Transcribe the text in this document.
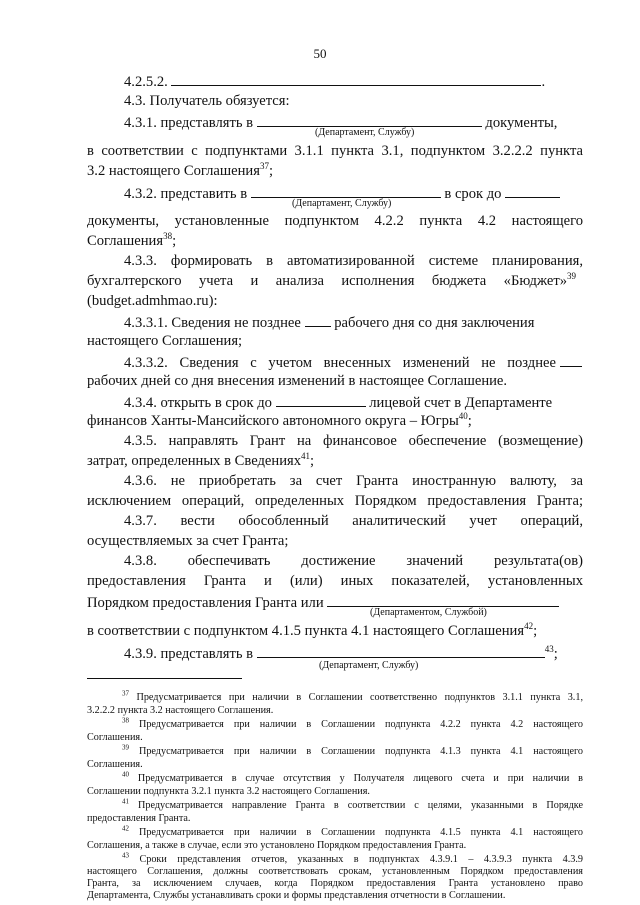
50
4.2.5.2.	.
4.3. Получатель обязуется:
4.3.1. представлять в	документы,
(Департамент, Службу)
в соответствии с подпунктами 3.1.1 пункта 3.1, подпунктом 3.2.2.2 пункта
3.2 настоящего Соглашения$^{37}$;
4.3.2. представить в	в срок до
(Департамент, Службу)
документы, установленные подпунктом 4.2.2 пункта 4.2 настоящего
Соглашения$^{38}$;
4.3.3. формировать в автоматизированной системе планирования,
бухгалтерского учета и анализа исполнения бюджета «Бюджет»$^{39}$
(budget.admhmao.ru):
4.3.3.1. Сведения не позднее рабочего дня со дня заключения
настоящего Соглашения;
4.3.3.2. Сведения с учетом внесенных изменений не позднее
рабочих дней со дня внесения изменений в настоящее Соглашение.
4.3.4. открыть в срок до	лицевой счет в Департаменте
финансов Ханты-Мансийского автономного округа – Югры$^{40}$;
4.3.5. направлять Грант на финансовое обеспечение (возмещение)
затрат, определенных в Сведениях$^{41}$;
4.3.6. не приобретать за счет Гранта иностранную валюту, за
исключением операций, определенных Порядком предоставления Гранта;
4.3.7. вести обособленный аналитический учет операций,
осуществляемых за счет Гранта;
4.3.8. обеспечивать достижение значений результата(ов)
предоставления Гранта и (или) иных показателей, установленных
Порядком предоставления Гранта или
(Департаментом, Службой)
в соответствии с подпунктом 4.1.5 пункта 4.1 настоящего Соглашения$^{42}$;
4.3.9. представлять в	$^{43}$;
(Департамент, Службу)
$^{37}$ Предусматривается при наличии в Соглашении соответственно подпунктов 3.1.1 пункта 3.1,
3.2.2.2 пункта 3.2 настоящего Соглашения.
$^{38}$ Предусматривается при наличии в Соглашении подпункта 4.2.2 пункта 4.2 настоящего
Соглашения.
$^{39}$ Предусматривается при наличии в Соглашении подпункта 4.1.3 пункта 4.1 настоящего
Соглашения.
$^{40}$ Предусматривается в случае отсутствия у Получателя лицевого счета и при наличии в
Соглашении подпункта 3.2.1 пункта 3.2 настоящего Соглашения.
$^{41}$ Предусматривается направление Гранта в соответствии с целями, указанными в Порядке
предоставления Гранта.
$^{42}$ Предусматривается при наличии в Соглашении подпункта 4.1.5 пункта 4.1 настоящего
Соглашения, а также в случае, если это установлено Порядком предоставления Гранта.
$^{43}$ Сроки представления отчетов, указанных в подпунктах 4.3.9.1 – 4.3.9.3 пункта 4.3.9
настоящего Соглашения, должны соответствовать срокам, установленным Порядком предоставления
Гранта, за исключением случаев, когда Порядком предоставления Гранта установлено право
Департамента, Службы устанавливать сроки и формы представления отчетности в Соглашении.
